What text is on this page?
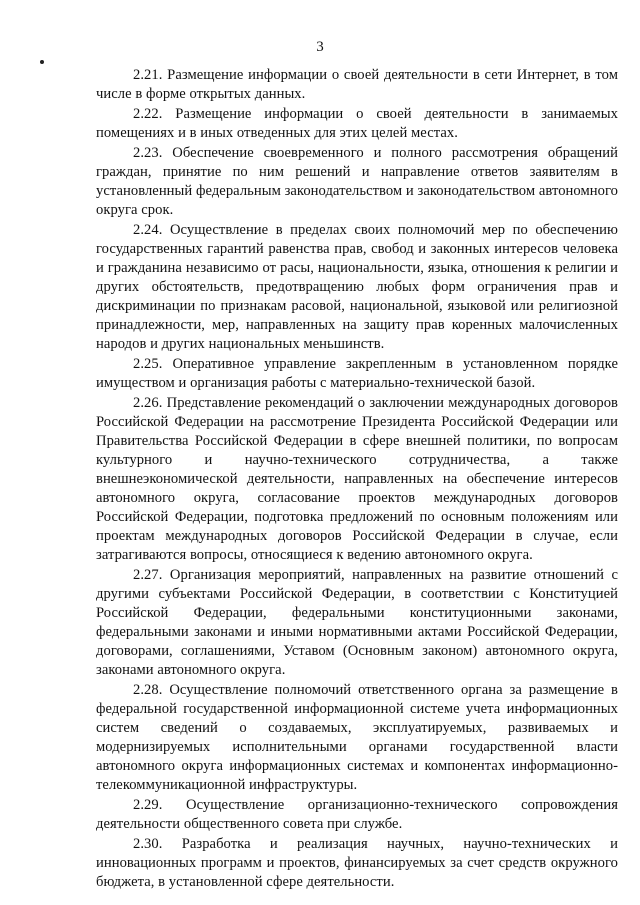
3

2.21. Размещение информации о своей деятельности в сети Интернет, в том числе в форме открытых данных.

2.22. Размещение информации о своей деятельности в занимаемых помещениях и в иных отведенных для этих целей местах.

2.23. Обеспечение своевременного и полного рассмотрения обращений граждан, принятие по ним решений и направление ответов заявителям в установленный федеральным законодательством и законодательством автономного округа срок.

2.24. Осуществление в пределах своих полномочий мер по обеспечению государственных гарантий равенства прав, свобод и законных интересов человека и гражданина независимо от расы, национальности, языка, отношения к религии и других обстоятельств, предотвращению любых форм ограничения прав и дискриминации по признакам расовой, национальной, языковой или религиозной принадлежности, мер, направленных на защиту прав коренных малочисленных народов и других национальных меньшинств.

2.25. Оперативное управление закрепленным в установленном порядке имуществом и организация работы с материально-технической базой.

2.26. Представление рекомендаций о заключении международных договоров Российской Федерации на рассмотрение Президента Российской Федерации или Правительства Российской Федерации в сфере внешней политики, по вопросам культурного и научно-технического сотрудничества, а также внешнеэкономической деятельности, направленных на обеспечение интересов автономного округа, согласование проектов международных договоров Российской Федерации, подготовка предложений по основным положениям или проектам международных договоров Российской Федерации в случае, если затрагиваются вопросы, относящиеся к ведению автономного округа.

2.27. Организация мероприятий, направленных на развитие отношений с другими субъектами Российской Федерации, в соответствии с Конституцией Российской Федерации, федеральными конституционными законами, федеральными законами и иными нормативными актами Российской Федерации, договорами, соглашениями, Уставом (Основным законом) автономного округа, законами автономного округа.

2.28. Осуществление полномочий ответственного органа за размещение в федеральной государственной информационной системе учета информационных систем сведений о создаваемых, эксплуатируемых, развиваемых и модернизируемых исполнительными органами государственной власти автономного округа информационных системах и компонентах информационно-телекоммуникационной инфраструктуры.

2.29. Осуществление организационно-технического сопровождения деятельности общественного совета при службе.

2.30. Разработка и реализация научных, научно-технических и инновационных программ и проектов, финансируемых за счет средств окружного бюджета, в установленной сфере деятельности.
